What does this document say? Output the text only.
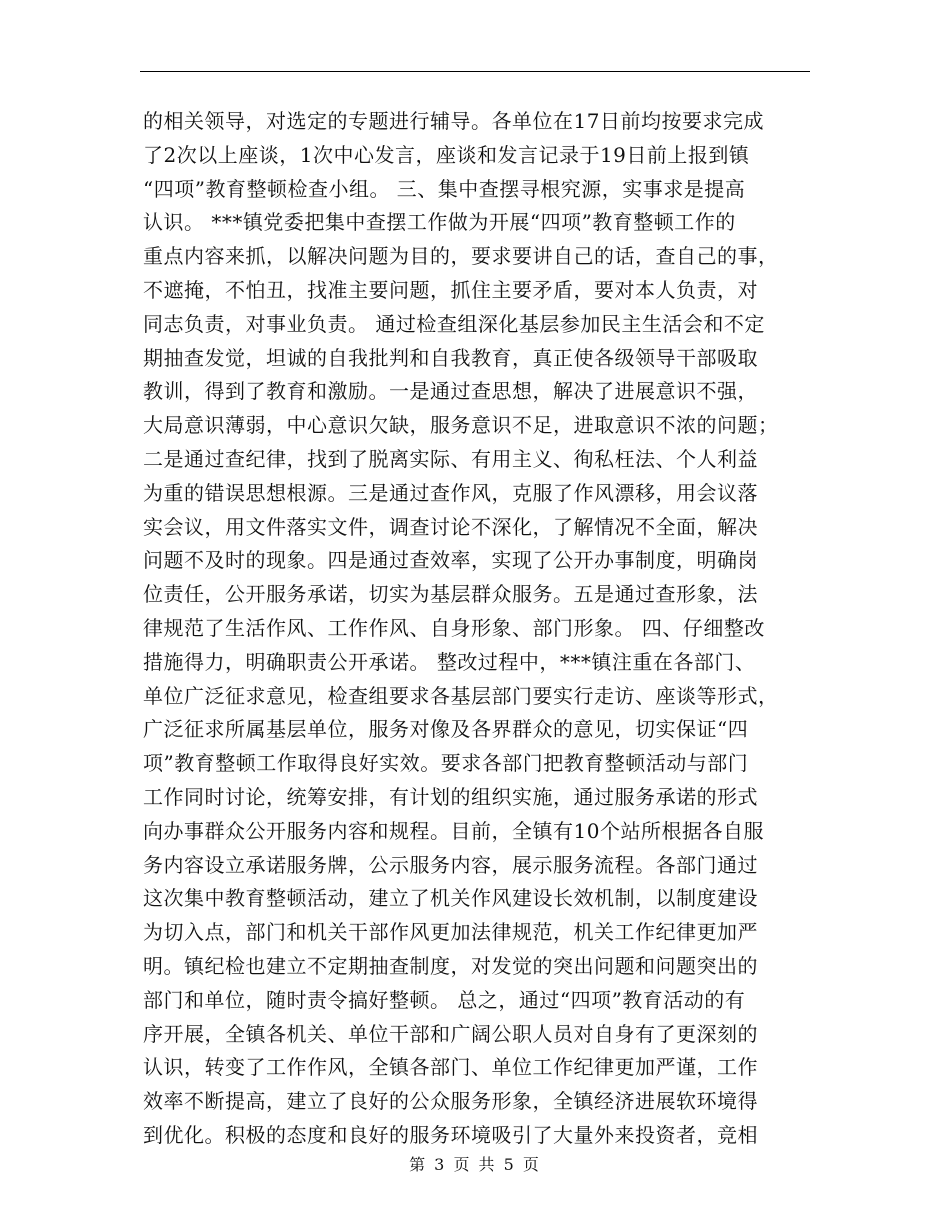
的相关领导，对选定的专题进行辅导。各单位在17日前均按要求完成
了2次以上座谈，1次中心发言，座谈和发言记录于19日前上报到镇
“四项”教育整顿检查小组。 三、集中查摆寻根究源，实事求是提高
认识。 ***镇党委把集中查摆工作做为开展“四项”教育整顿工作的
重点内容来抓，以解决问题为目的，要求要讲自己的话，查自己的事，
不遮掩，不怕丑，找准主要问题，抓住主要矛盾，要对本人负责，对
同志负责，对事业负责。 通过检查组深化基层参加民主生活会和不定
期抽查发觉，坦诚的自我批判和自我教育，真正使各级领导干部吸取
教训，得到了教育和激励。一是通过查思想，解决了进展意识不强，
大局意识薄弱，中心意识欠缺，服务意识不足，进取意识不浓的问题；
二是通过查纪律，找到了脱离实际、有用主义、徇私枉法、个人利益
为重的错误思想根源。三是通过查作风，克服了作风漂移，用会议落
实会议，用文件落实文件，调查讨论不深化，了解情况不全面，解决
问题不及时的现象。四是通过查效率，实现了公开办事制度，明确岗
位责任，公开服务承诺，切实为基层群众服务。五是通过查形象，法
律规范了生活作风、工作作风、自身形象、部门形象。 四、仔细整改
措施得力，明确职责公开承诺。 整改过程中，***镇注重在各部门、
单位广泛征求意见，检查组要求各基层部门要实行走访、座谈等形式，
广泛征求所属基层单位，服务对像及各界群众的意见，切实保证“四
项”教育整顿工作取得良好实效。要求各部门把教育整顿活动与部门
工作同时讨论，统筹安排，有计划的组织实施，通过服务承诺的形式
向办事群众公开服务内容和规程。目前，全镇有10个站所根据各自服
务内容设立承诺服务牌，公示服务内容，展示服务流程。各部门通过
这次集中教育整顿活动，建立了机关作风建设长效机制，以制度建设
为切入点，部门和机关干部作风更加法律规范，机关工作纪律更加严
明。镇纪检也建立不定期抽查制度，对发觉的突出问题和问题突出的
部门和单位，随时责令搞好整顿。 总之，通过“四项”教育活动的有
序开展，全镇各机关、单位干部和广阔公职人员对自身有了更深刻的
认识，转变了工作作风，全镇各部门、单位工作纪律更加严谨，工作
效率不断提高，建立了良好的公众服务形象，全镇经济进展软环境得
到优化。积极的态度和良好的服务环境吸引了大量外来投资者，竞相
第 3 页 共 5 页
